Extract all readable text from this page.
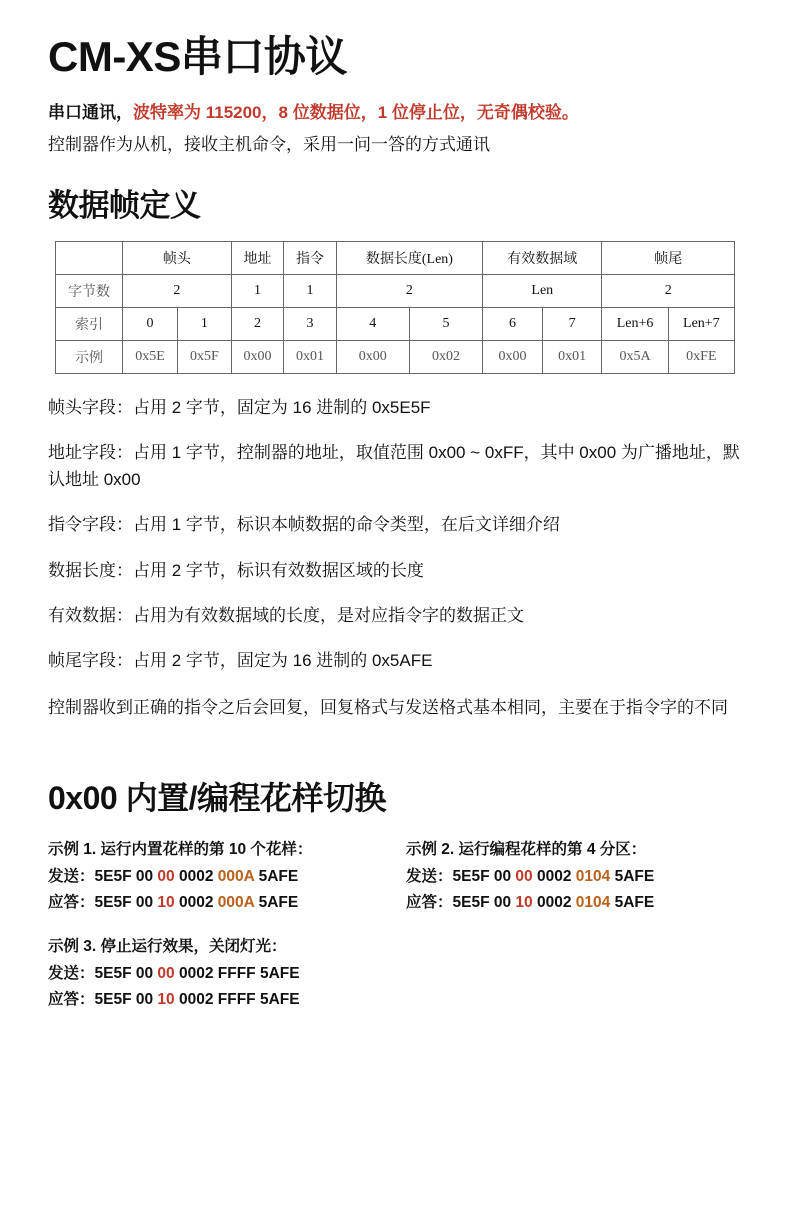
CM-XS串口协议
串口通讯，波特率为 115200，8 位数据位，1 位停止位，无奇偶校验。
控制器作为从机，接收主机命令，采用一问一答的方式通讯
数据帧定义
	帧头		地址	指令	数据长度(Len)		有效数据域		帧尾	
字节数	2		1	1	2		Len		2	
索引	0	1	2	3	4	5	6	7	Len+6	Len+7
示例	0x5E	0x5F	0x00	0x01	0x00	0x02	0x00	0x01	0x5A	0xFE
帧头字段：占用 2 字节，固定为 16 进制的 0x5E5F
地址字段：占用 1 字节，控制器的地址，取值范围 0x00 ~ 0xFF，其中 0x00 为广播地址，默认地址 0x00
指令字段：占用 1 字节，标识本帧数据的命令类型，在后文详细介绍
数据长度：占用 2 字节，标识有效数据区域的长度
有效数据：占用为有效数据域的长度，是对应指令字的数据正文
帧尾字段：占用 2 字节，固定为 16 进制的 0x5AFE
控制器收到正确的指令之后会回复，回复格式与发送格式基本相同，主要在于指令字的不同
0x00 内置/编程花样切换
示例 1. 运行内置花样的第 10 个花样：
发送：5E5F 00 00 0002 000A 5AFE
应答：5E5F 00 10 0002 000A 5AFE
示例 2. 运行编程花样的第 4 分区：
发送：5E5F 00 00 0002 0104 5AFE
应答：5E5F 00 10 0002 0104 5AFE
示例 3. 停止运行效果，关闭灯光：
发送：5E5F 00 00 0002 FFFF 5AFE
应答：5E5F 00 10 0002 FFFF 5AFE
